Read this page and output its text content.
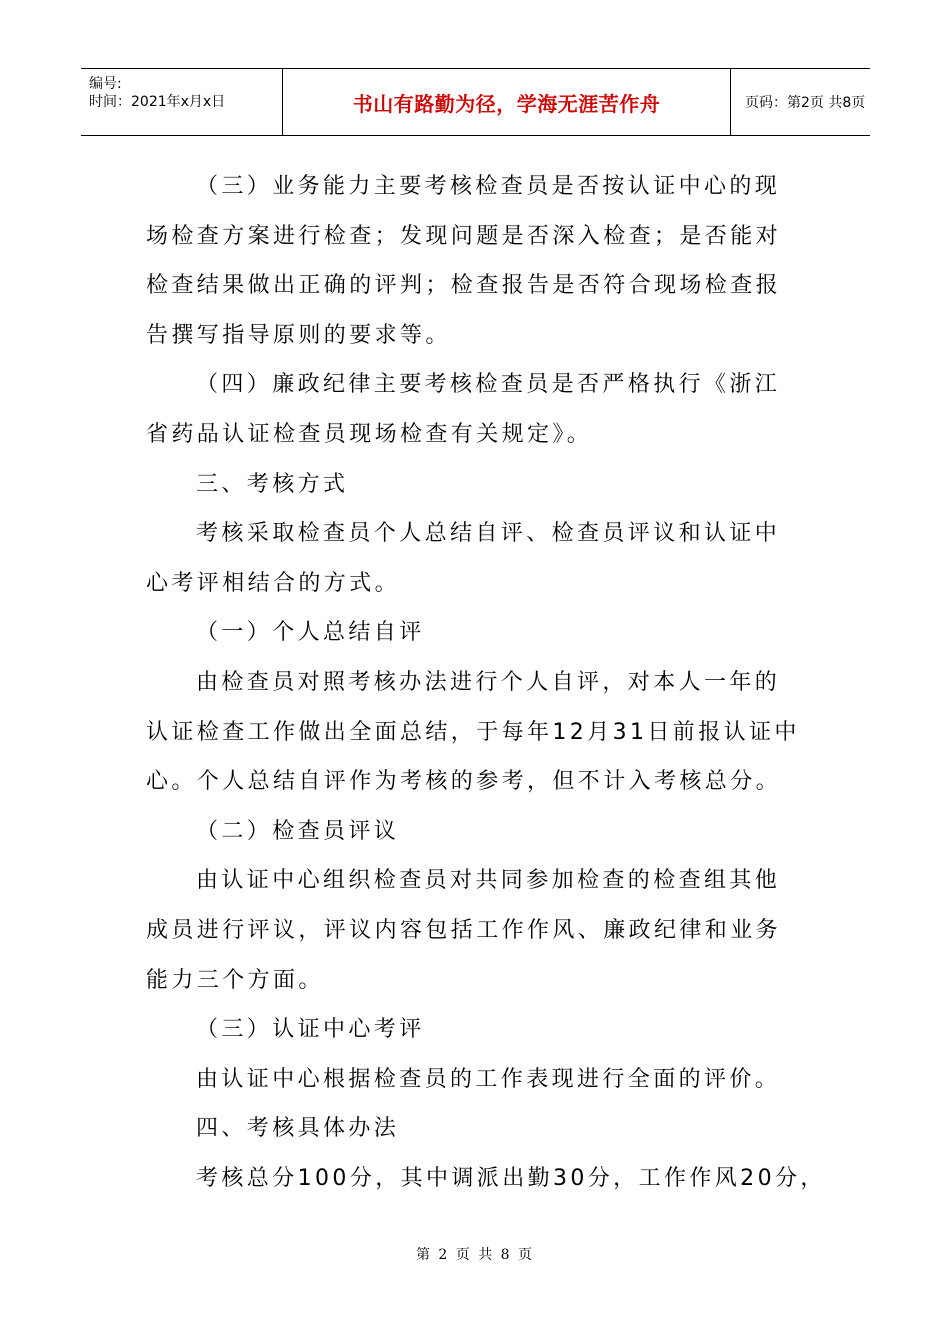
编号:
时间：2021年x月x日	书山有路勤为径，学海无涯苦作舟	页码：第2页 共8页
（三）业务能力主要考核检查员是否按认证中心的现
场检查方案进行检查；发现问题是否深入检查；是否能对
检查结果做出正确的评判；检查报告是否符合现场检查报
告撰写指导原则的要求等。
（四）廉政纪律主要考核检查员是否严格执行《浙江
省药品认证检查员现场检查有关规定》。
三、考核方式
考核采取检查员个人总结自评、检查员评议和认证中
心考评相结合的方式。
（一）个人总结自评
由检查员对照考核办法进行个人自评，对本人一年的
认证检查工作做出全面总结，于每年12月31日前报认证中
心。个人总结自评作为考核的参考，但不计入考核总分。
（二）检查员评议
由认证中心组织检查员对共同参加检查的检查组其他
成员进行评议，评议内容包括工作作风、廉政纪律和业务
能力三个方面。
（三）认证中心考评
由认证中心根据检查员的工作表现进行全面的评价。
四、考核具体办法
考核总分100分，其中调派出勤30分，工作作风20分，
第 2 页 共 8 页
